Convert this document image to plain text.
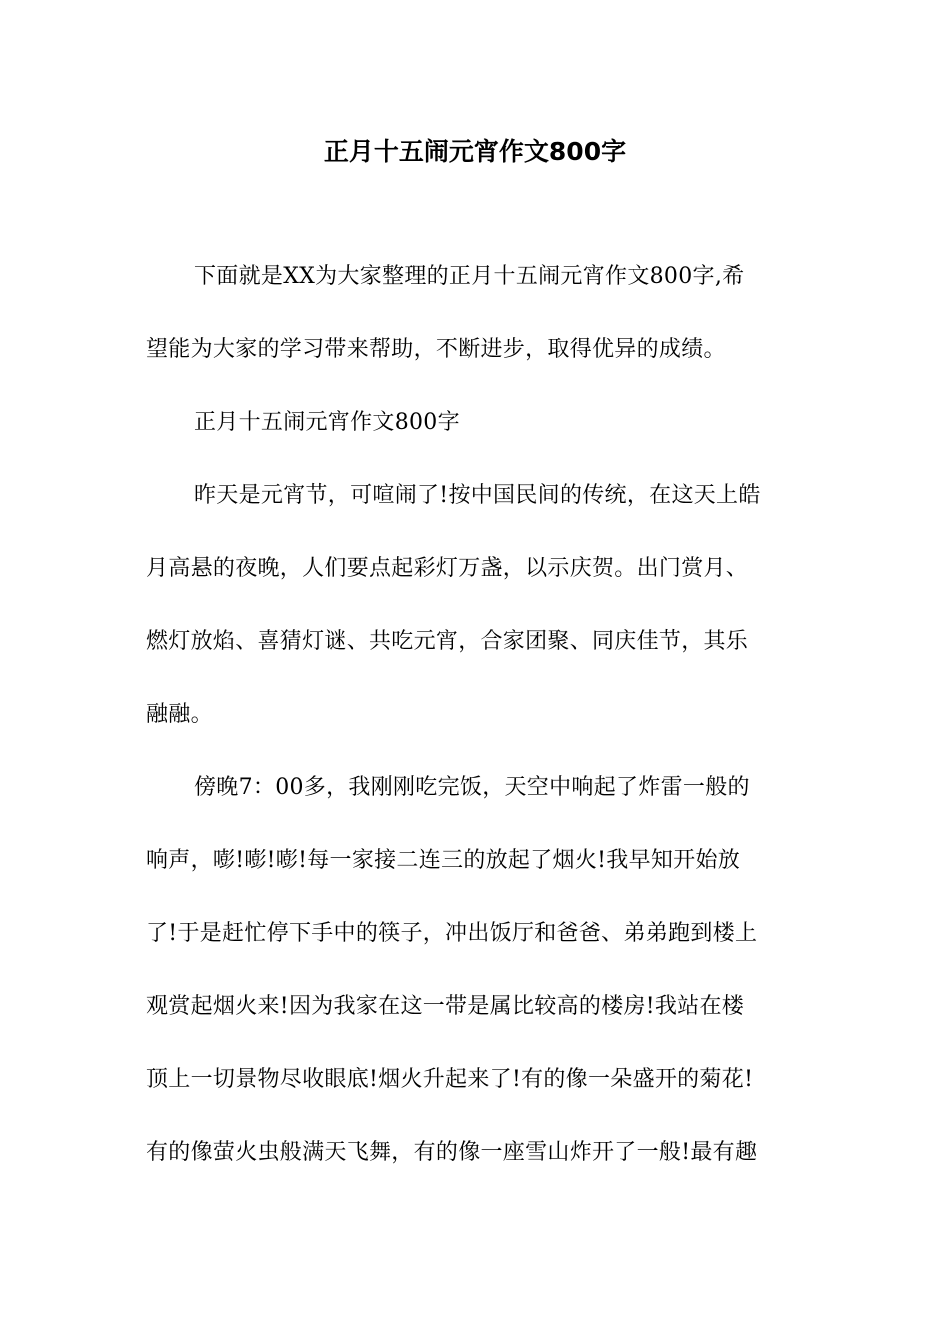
正月十五闹元宵作文800字
下面就是XX为大家整理的正月十五闹元宵作文800字,希
望能为大家的学习带来帮助，不断进步，取得优异的成绩。
正月十五闹元宵作文800字
昨天是元宵节，可喧闹了!按中国民间的传统，在这天上皓
月高悬的夜晚，人们要点起彩灯万盏，以示庆贺。出门赏月、
燃灯放焰、喜猜灯谜、共吃元宵，合家团聚、同庆佳节，其乐
融融。
傍晚7：00多，我刚刚吃完饭，天空中响起了炸雷一般的
响声，嘭!嘭!嘭!每一家接二连三的放起了烟火!我早知开始放
了!于是赶忙停下手中的筷子，冲出饭厅和爸爸、弟弟跑到楼上
观赏起烟火来!因为我家在这一带是属比较高的楼房!我站在楼
顶上一切景物尽收眼底!烟火升起来了!有的像一朵盛开的菊花!
有的像萤火虫般满天飞舞，有的像一座雪山炸开了一般!最有趣
